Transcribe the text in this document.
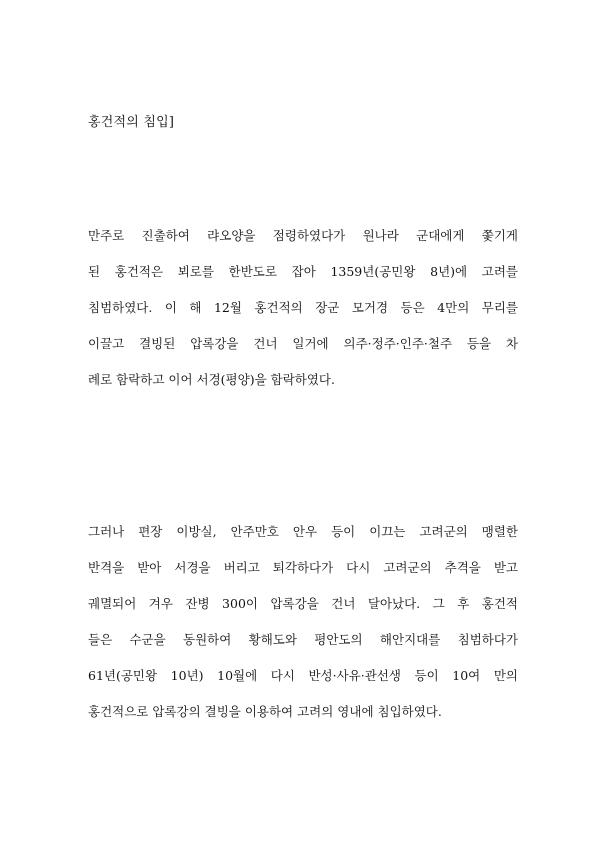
홍건적의 침입]
만주로 진출하여 랴오양을 점령하였다가 원나라 군대에게 쫓기게
된 홍건적은 뵈로를 한반도로 잡아 1359년(공민왕 8년)에 고려를
침범하였다. 이 해 12월 홍건적의 장군 모거경 등은 4만의 무리를
이끌고 결빙된 압록강을 건너 일거에 의주·정주·인주·철주 등을 차
례로 함락하고 이어 서경(평양)을 함락하였다.
그러나 편장 이방실, 안주만호 안우 등이 이끄는 고려군의 맹렬한
반격을 받아 서경을 버리고 퇴각하다가 다시 고려군의 추격을 받고
궤멸되어 겨우 잔병 300이 압록강을 건너 달아났다. 그 후 홍건적
들은 수군을 동원하여 황해도와 평안도의 해안지대를 침범하다가
61년(공민왕 10년) 10월에 다시 반성·사유·관선생 등이 10여 만의
홍건적으로 압록강의 결빙을 이용하여 고려의 영내에 침입하였다.
